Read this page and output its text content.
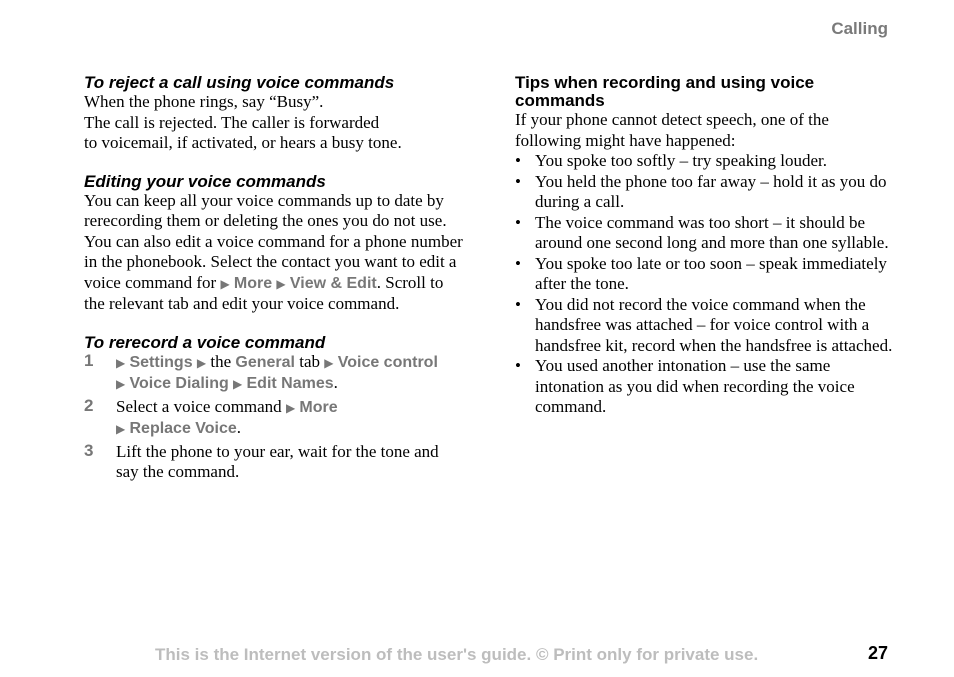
Calling
To reject a call using voice commands

When the phone rings, say “Busy”.

The call is rejected. The caller is forwarded

to voicemail, if activated, or hears a busy tone.

Editing your voice commands

You can keep all your voice commands up to date by rerecording them or deleting the ones you do not use. You can also edit a voice command for a phone number in the phonebook. Select the contact you want to edit a voice command for ▶ More ▶ View & Edit. Scroll to the relevant tab and edit your voice command.

To rerecord a voice command
1 ▶ Settings ▶ the General tab ▶ Voice control
▶ Voice Dialing ▶ Edit Names.
2 Select a voice command ▶ More
▶ Replace Voice.
3 Lift the phone to your ear, wait for the tone and say the command.
Tips when recording and using voice commands

If your phone cannot detect speech, one of the following might have happened:

• You spoke too softly – try speaking louder.
• You held the phone too far away – hold it as you do during a call.
• The voice command was too short – it should be around one second long and more than one syllable.
• You spoke too late or too soon – speak immediately after the tone.
• You did not record the voice command when the handsfree was attached – for voice control with a handsfree kit, record when the handsfree is attached.
• You used another intonation – use the same intonation as you did when recording the voice command.
This is the Internet version of the user's guide. © Print only for private use.	27
